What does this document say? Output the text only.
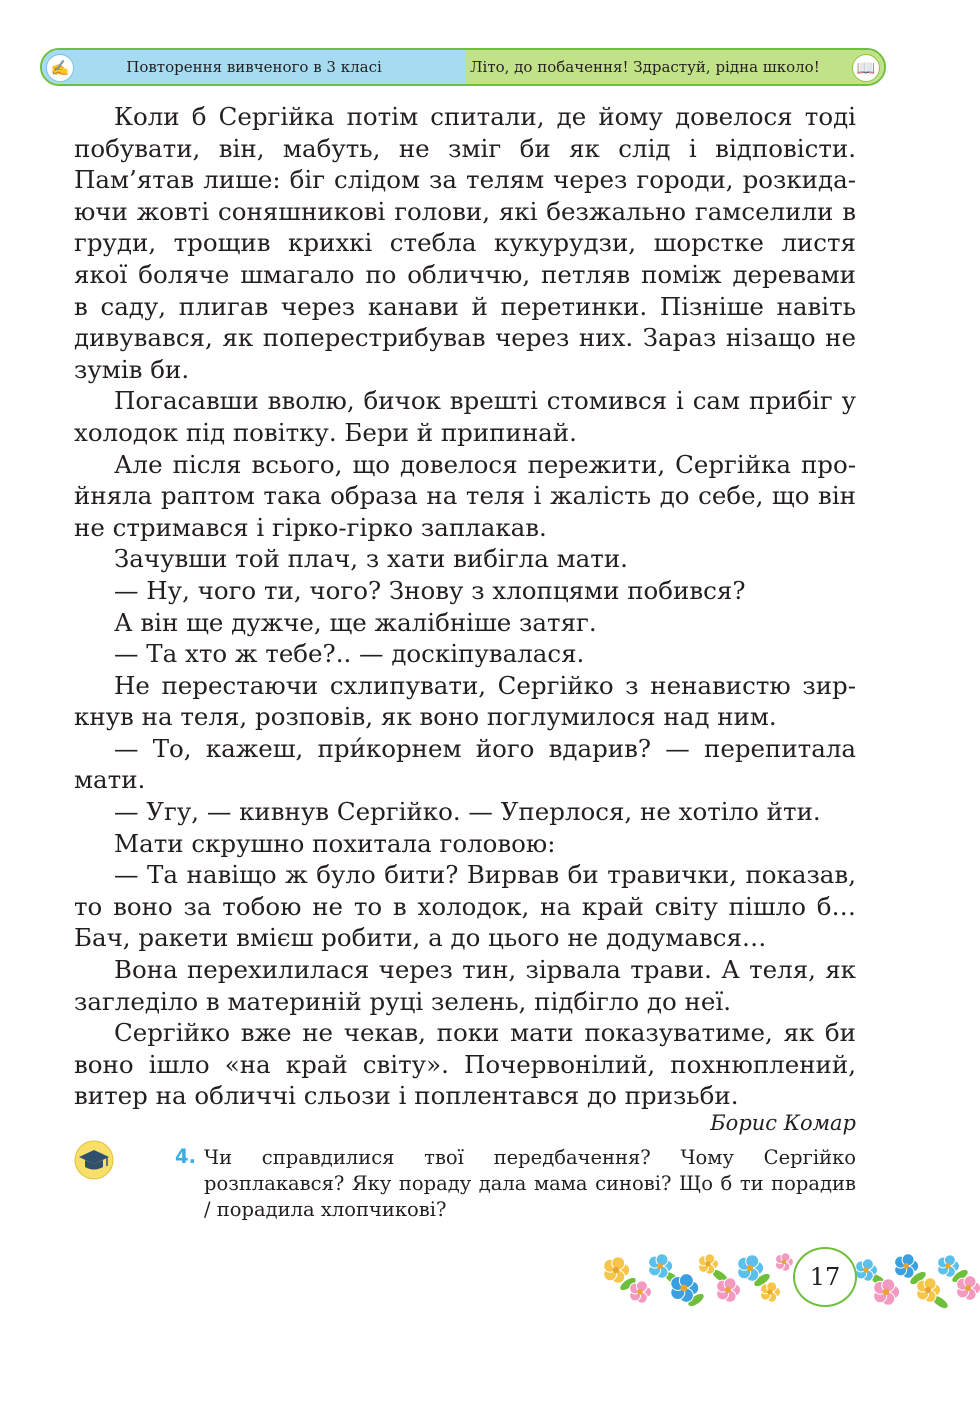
✍	Повторення вивченого в 3 класі	Літо, до побачення! Здрастуй, рідна школо!	📖

Коли б Сергійка потім спитали, де йому довелося тоді побувати, він, мабуть, не зміг би як слід і відповісти. Пам’ятав лише: біг слідом за телям через городи, розкидаючи жовті соняшникові голови, які безжально гамселили в груди, трощив крихкі стебла кукурудзи, шорстке листя якої боляче шмагало по обличчю, петляв поміж деревами в саду, плигав через канави й перетинки. Пізніше навіть дивувався, як поперестрибував через них. Зараз нізащо не зумів би.

Погасавши вволю, бичок врешті стомився і сам прибіг у холодок під повітку. Бери й припинай.

Але після всього, що довелося пережити, Сергійка пройняла раптом така образа на теля і жалість до себе, що він не стримався і гірко-гірко заплакав.

Зачувши той плач, з хати вибігла мати.

— Ну, чого ти, чого? Знову з хлопцями побився?

А він ще дужче, ще жалібніше затяг.

— Та хто ж тебе?.. — доскіпувалася.

Не перестаючи схлипувати, Сергійко з ненавистю зиркнув на теля, розповів, як воно поглумилося над ним.

— То, кажеш, при́корнем його вдарив? — перепитала мати.

— Угу, — кивнув Сергійко. — Уперлося, не хотіло йти.

Мати скрушно похитала головою:

— Та навіщо ж було бити? Вирвав би травички, показав, то воно за тобою не то в холодок, на край світу пішло б… Бач, ракети вмієш робити, а до цього не додумався…

Вона перехилилася через тин, зірвала трави. А теля, як загледіло в материній руці зелень, підбігло до неї.

Сергійко вже не чекав, поки мати показуватиме, як би воно ішло «на край світу». Почервонілий, похнюплений, витер на обличчі сльози і поплентався до призьби.

Борис Комар

4. Чи справдилися твої передбачення? Чому Сергійко розплакався? Яку пораду дала мама синові? Що б ти порадив / порадила хлопчикові?

17
